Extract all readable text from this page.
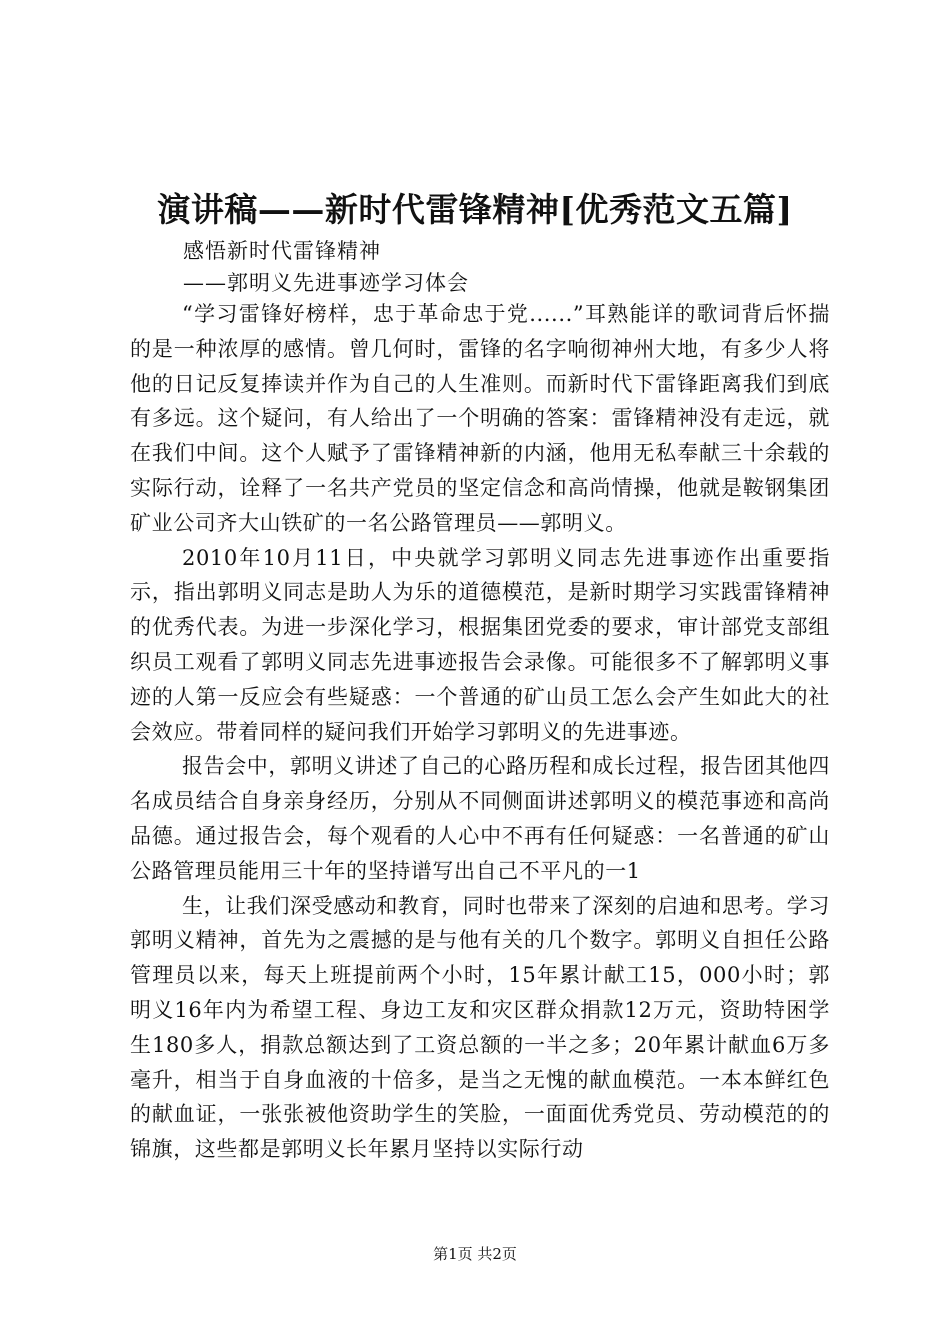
演讲稿——新时代雷锋精神[优秀范文五篇]
感悟新时代雷锋精神
——郭明义先进事迹学习体会

“学习雷锋好榜样，忠于革命忠于党......”耳熟能详的歌词背后怀揣的是一种浓厚的感情。曾几何时，雷锋的名字响彻神州大地，有多少人将他的日记反复捧读并作为自己的人生准则。而新时代下雷锋距离我们到底有多远。这个疑问，有人给出了一个明确的答案：雷锋精神没有走远，就在我们中间。这个人赋予了雷锋精神新的内涵，他用无私奉献三十余载的实际行动，诠释了一名共产党员的坚定信念和高尚情操，他就是鞍钢集团矿业公司齐大山铁矿的一名公路管理员——郭明义。

2010年10月11日，中央就学习郭明义同志先进事迹作出重要指示，指出郭明义同志是助人为乐的道德模范，是新时期学习实践雷锋精神的优秀代表。为进一步深化学习，根据集团党委的要求，审计部党支部组织员工观看了郭明义同志先进事迹报告会录像。可能很多不了解郭明义事迹的人第一反应会有些疑惑：一个普通的矿山员工怎么会产生如此大的社会效应。带着同样的疑问我们开始学习郭明义的先进事迹。

报告会中，郭明义讲述了自己的心路历程和成长过程，报告团其他四名成员结合自身亲身经历，分别从不同侧面讲述郭明义的模范事迹和高尚品德。通过报告会，每个观看的人心中不再有任何疑惑：一名普通的矿山公路管理员能用三十年的坚持谱写出自己不平凡的一1

生，让我们深受感动和教育，同时也带来了深刻的启迪和思考。学习郭明义精神，首先为之震撼的是与他有关的几个数字。郭明义自担任公路管理员以来，每天上班提前两个小时，15年累计献工15，000小时；郭明义16年内为希望工程、身边工友和灾区群众捐款12万元，资助特困学生180多人，捐款总额达到了工资总额的一半之多；20年累计献血6万多毫升，相当于自身血液的十倍多，是当之无愧的献血模范。一本本鲜红色的献血证，一张张被他资助学生的笑脸，一面面优秀党员、劳动模范的的锦旗，这些都是郭明义长年累月坚持以实际行动

第1页 共2页
